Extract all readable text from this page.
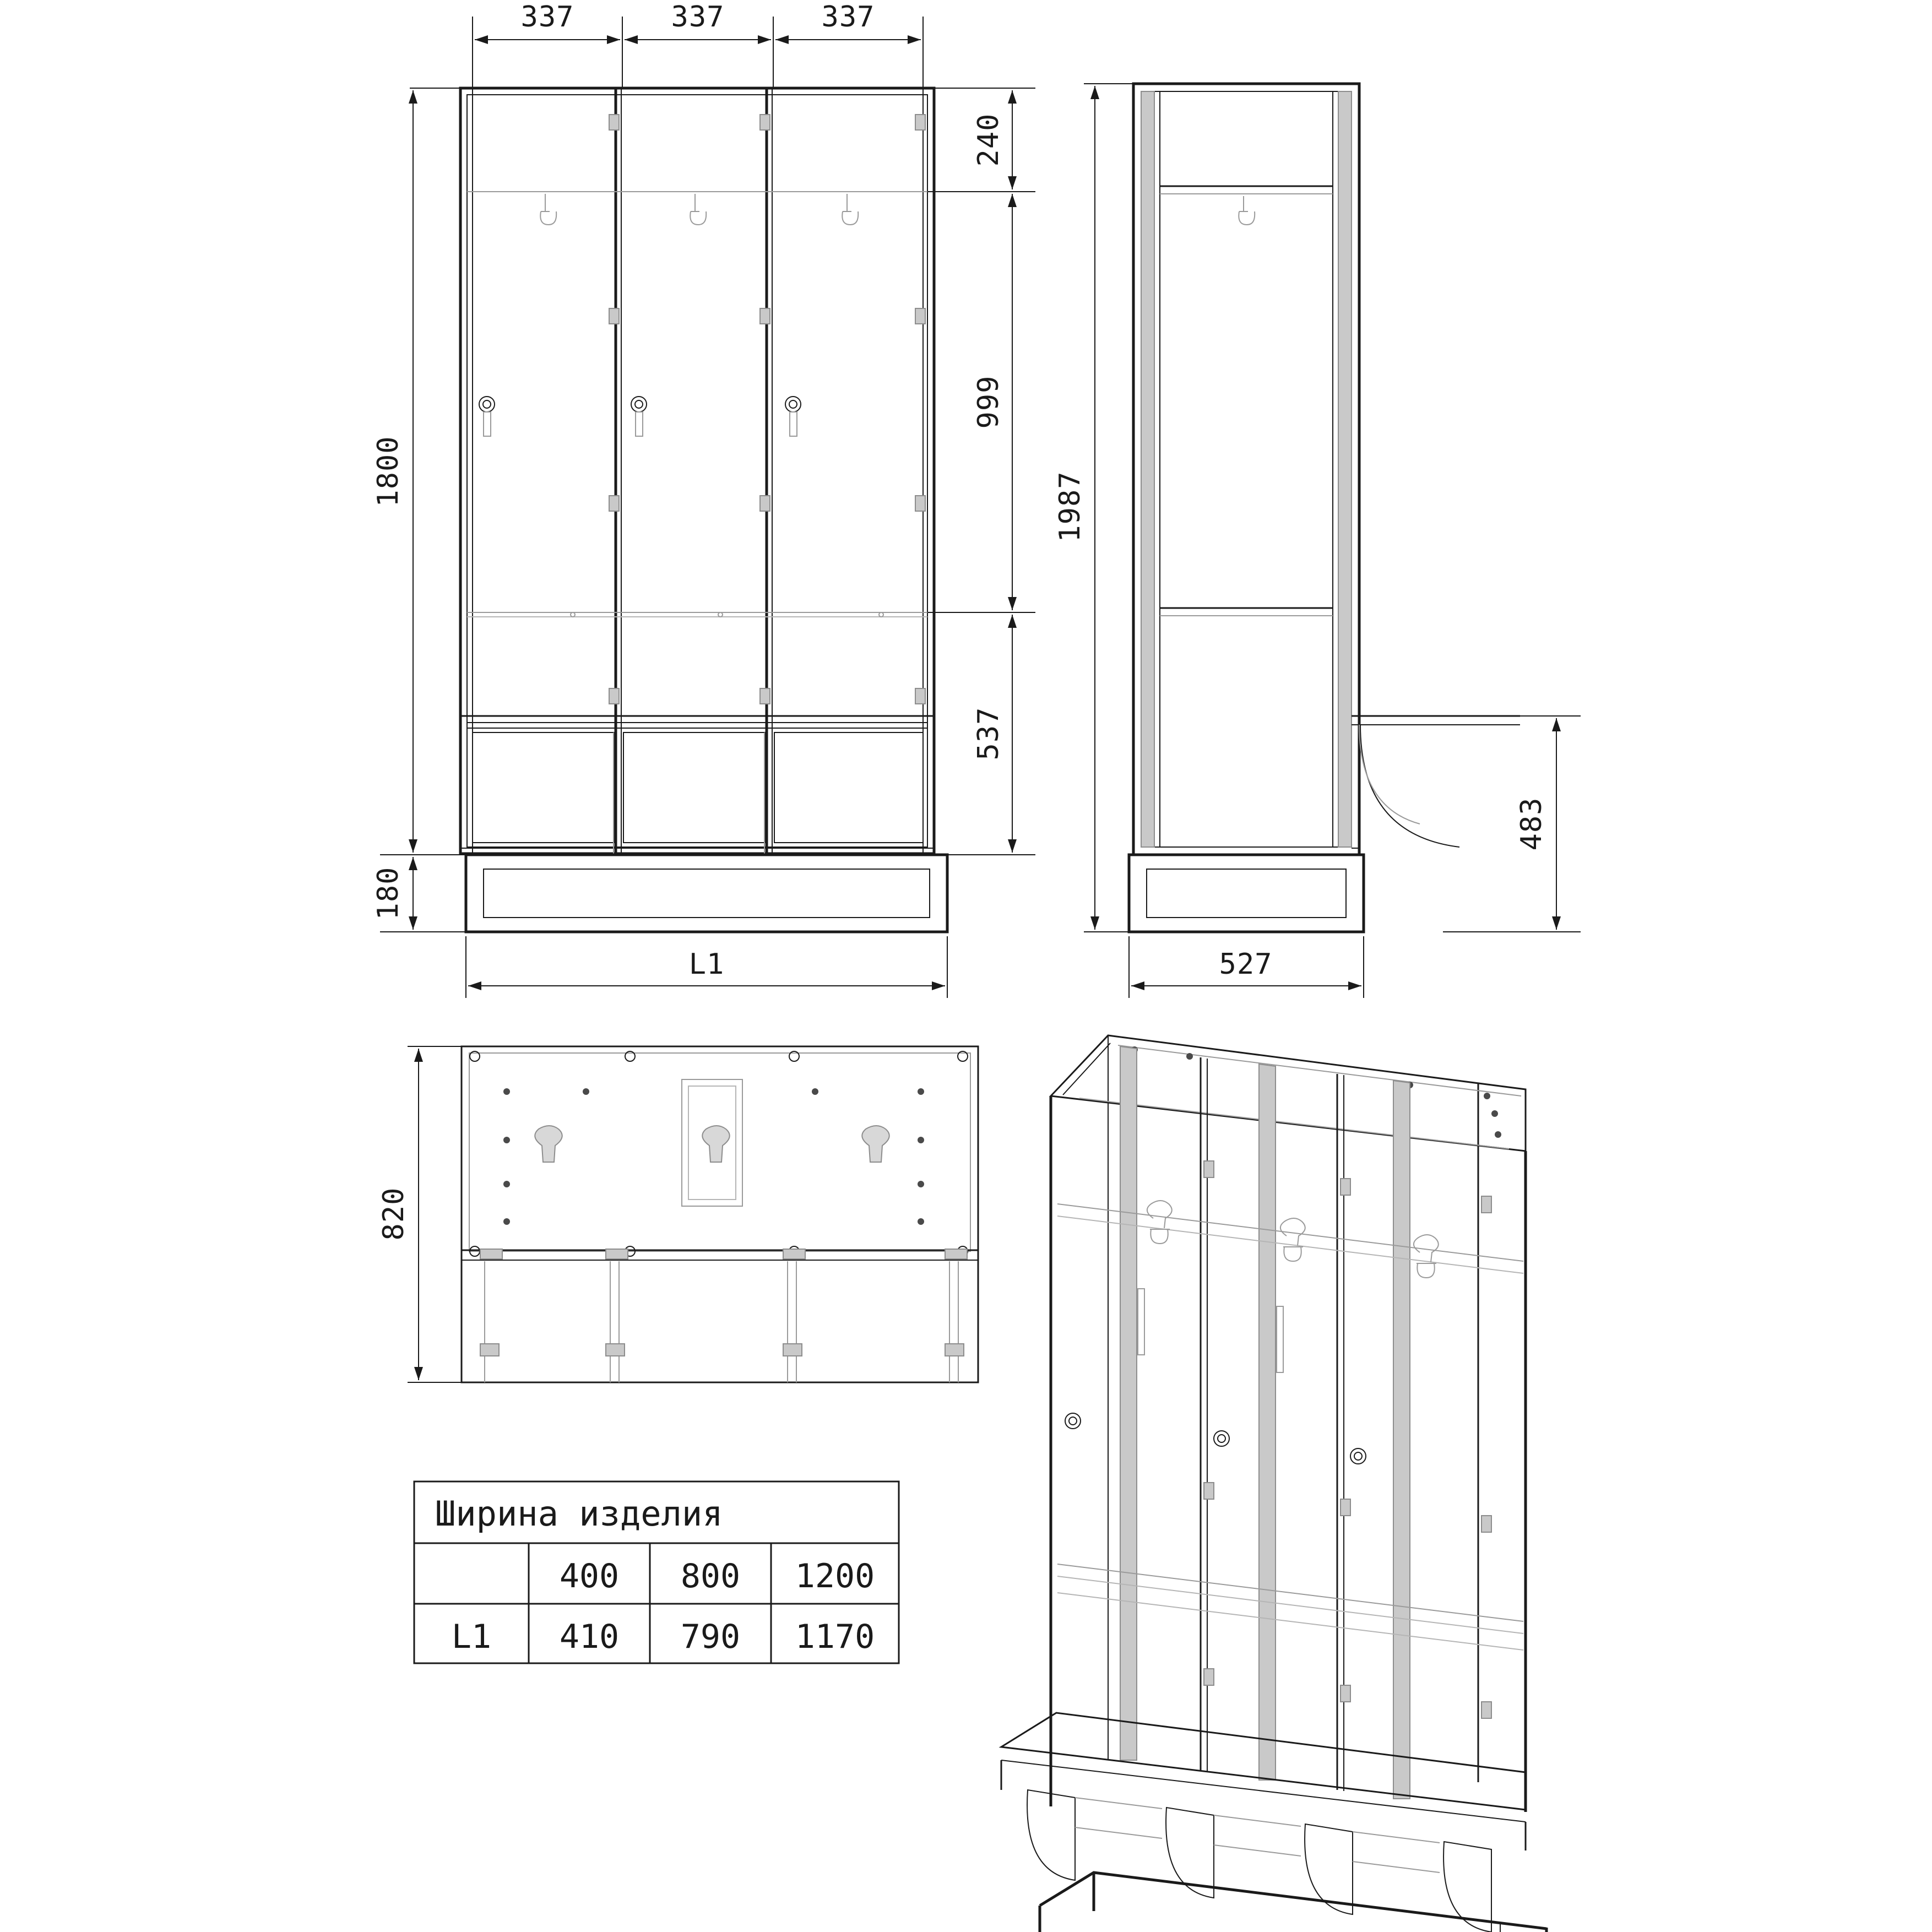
337	337	337
1800
180
240
999
537
L1
1987
483
527
820
Ширина изделия
400 800 1200
L1 410 790 1170
